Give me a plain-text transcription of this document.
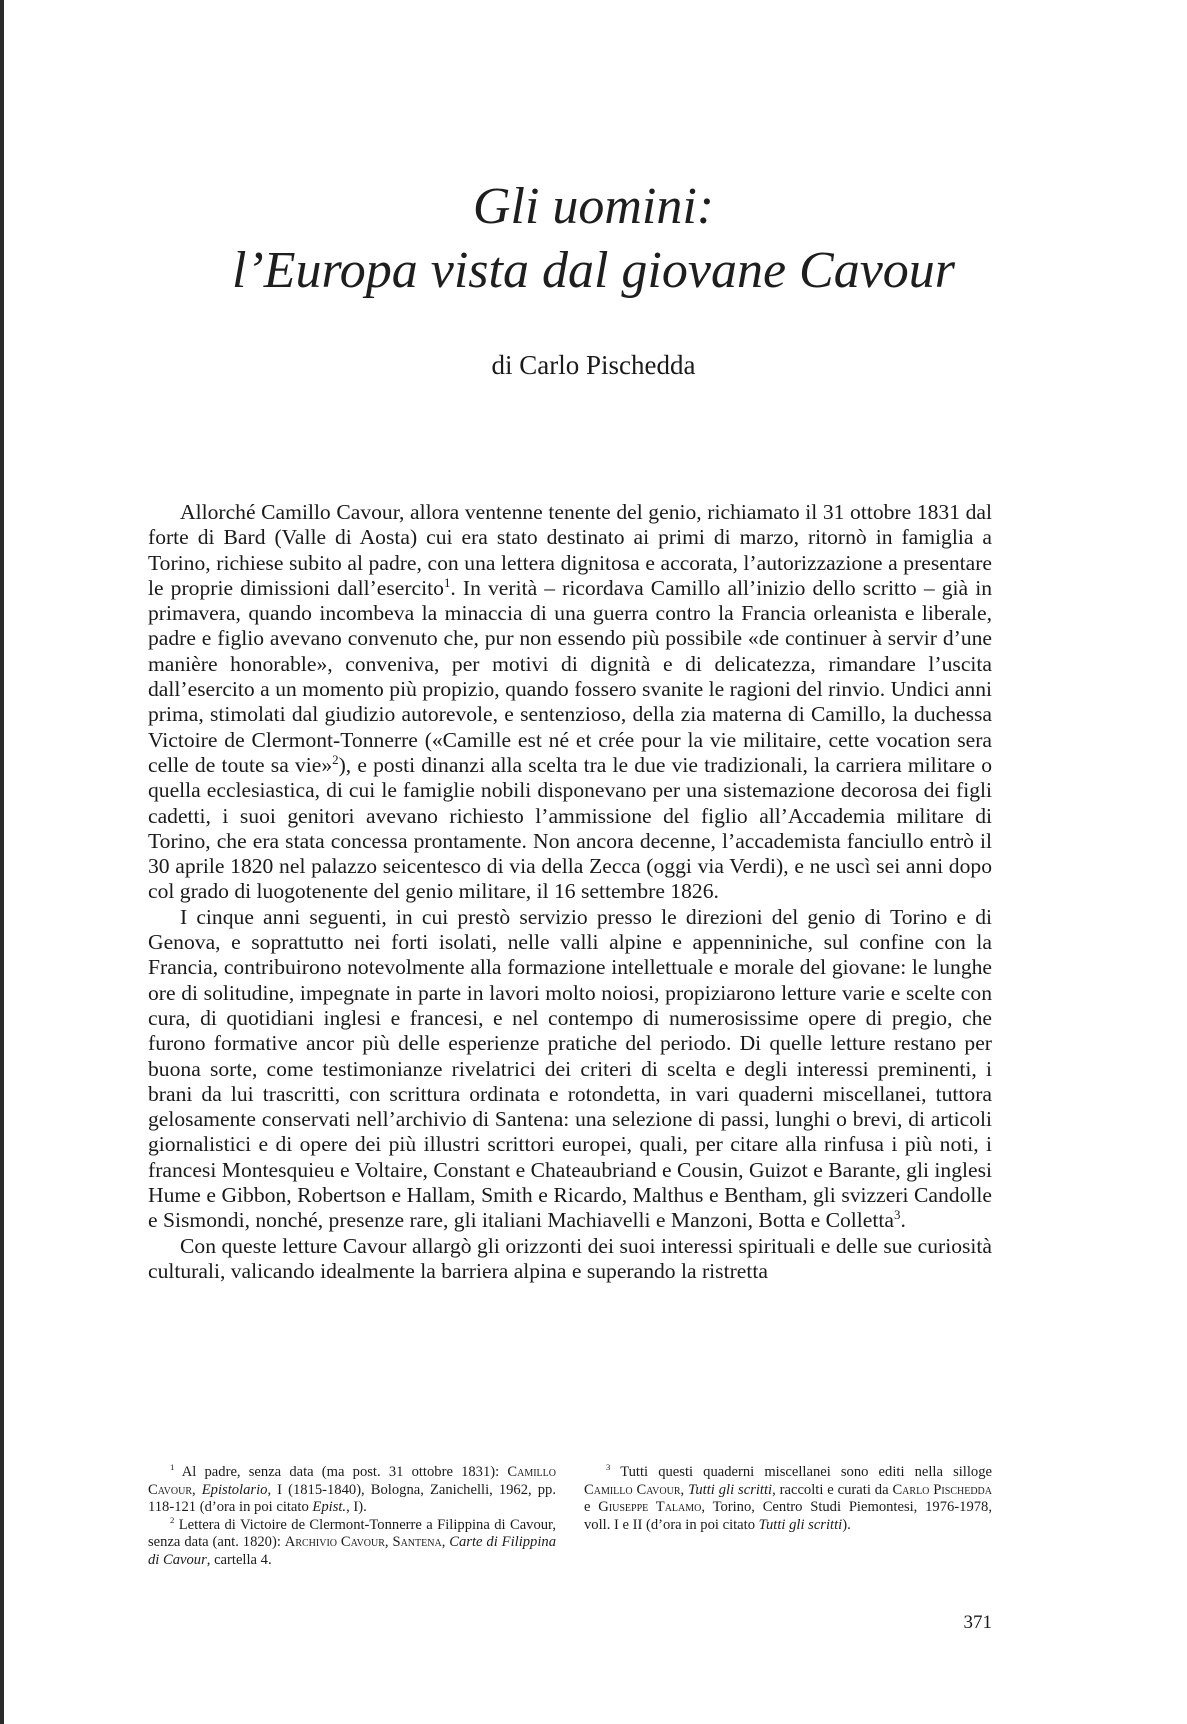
Gli uomini:
l’Europa vista dal giovane Cavour
di Carlo Pischedda

Allorché Camillo Cavour, allora ventenne tenente del genio, richiamato il 31 ottobre 1831 dal forte di Bard (Valle di Aosta) cui era stato destinato ai primi di marzo, ritornò in famiglia a Torino, richiese subito al padre, con una lettera dignitosa e accorata, l’autorizzazione a presentare le proprie dimissioni dall’esercito$^1$. In verità – ricordava Camillo all’inizio dello scritto – già in primavera, quando incombeva la minaccia di una guerra contro la Francia orleanista e liberale, padre e figlio avevano convenuto che, pur non essendo più possibile «de continuer à servir d’une manière honorable», conveniva, per motivi di dignità e di delicatezza, rimandare l’uscita dall’esercito a un momento più propizio, quando fossero svanite le ragioni del rinvio. Undici anni prima, stimolati dal giudizio autorevole, e sentenzioso, della zia materna di Camillo, la duchessa Victoire de Clermont-Tonnerre («Camille est né et crée pour la vie militaire, cette vocation sera celle de toute sa vie»$^2$), e posti dinanzi alla scelta tra le due vie tradizionali, la carriera militare o quella ecclesiastica, di cui le famiglie nobili disponevano per una sistemazione decorosa dei figli cadetti, i suoi genitori avevano richiesto l’ammissione del figlio all’Accademia militare di Torino, che era stata concessa prontamente. Non ancora decenne, l’accademista fanciullo entrò il 30 aprile 1820 nel palazzo seicentesco di via della Zecca (oggi via Verdi), e ne uscì sei anni dopo col grado di luogotenente del genio militare, il 16 settembre 1826.

I cinque anni seguenti, in cui prestò servizio presso le direzioni del genio di Torino e di Genova, e soprattutto nei forti isolati, nelle valli alpine e appenniniche, sul confine con la Francia, contribuirono notevolmente alla formazione intellettuale e morale del giovane: le lunghe ore di solitudine, impegnate in parte in lavori molto noiosi, propiziarono letture varie e scelte con cura, di quotidiani inglesi e francesi, e nel contempo di numerosissime opere di pregio, che furono formative ancor più delle esperienze pratiche del periodo. Di quelle letture restano per buona sorte, come testimonianze rivelatrici dei criteri di scelta e degli interessi preminenti, i brani da lui trascritti, con scrittura ordinata e rotondetta, in vari quaderni miscellanei, tuttora gelosamente conservati nell’archivio di Santena: una selezione di passi, lunghi o brevi, di articoli giornalistici e di opere dei più illustri scrittori europei, quali, per citare alla rinfusa i più noti, i francesi Montesquieu e Voltaire, Constant e Chateaubriand e Cousin, Guizot e Barante, gli inglesi Hume e Gibbon, Robertson e Hallam, Smith e Ricardo, Malthus e Bentham, gli svizzeri Candolle e Sismondi, nonché, presenze rare, gli italiani Machiavelli e Manzoni, Botta e Colletta$^3$.

Con queste letture Cavour allargò gli orizzonti dei suoi interessi spirituali e delle sue curiosità culturali, valicando idealmente la barriera alpina e superando la ristretta

$^1$ Al padre, senza data (ma post. 31 ottobre 1831): Camillo Cavour, Epistolario, I (1815-1840), Bologna, Zanichelli, 1962, pp. 118-121 (d’ora in poi citato Epist., I).

$^2$ Lettera di Victoire de Clermont-Tonnerre a Filippina di Cavour, senza data (ant. 1820): Archivio Cavour, Santena, Carte di Filippina di Cavour, cartella 4.

$^3$ Tutti questi quaderni miscellanei sono editi nella silloge Camillo Cavour, Tutti gli scritti, raccolti e curati da Carlo Pischedda e Giuseppe Talamo, Torino, Centro Studi Piemontesi, 1976-1978, voll. I e II (d’ora in poi citato Tutti gli scritti).

371
